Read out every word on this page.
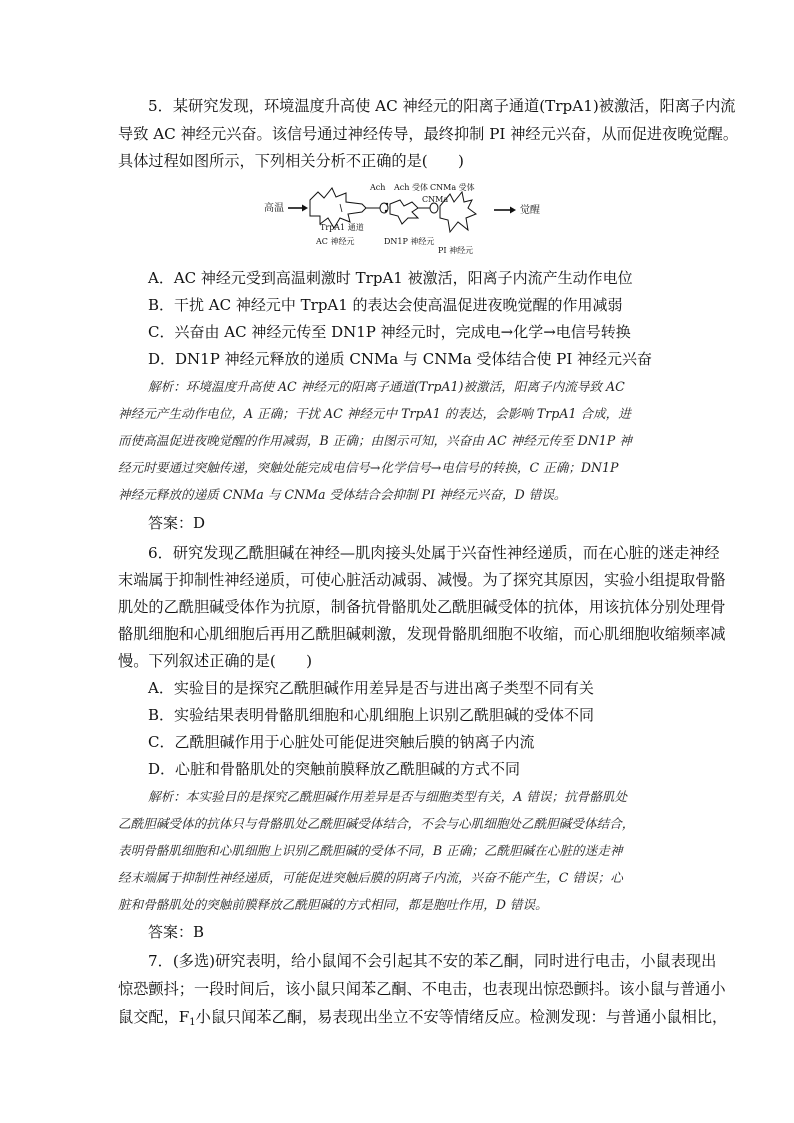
5．某研究发现，环境温度升高使 AC 神经元的阳离子通道(TrpA1)被激活，阳离子内流
导致 AC 神经元兴奋。该信号通过神经传导，最终抑制 PI 神经元兴奋，从而促进夜晚觉醒。
具体过程如图所示，下列相关分析不正确的是(　　)
高温	觉醒
Ach Ach 受体 CNMa 受体
CNMa
TrpA1 通道
AC 神经元	DN1P 神经元
PI 神经元
A．AC 神经元受到高温刺激时 TrpA1 被激活，阳离子内流产生动作电位
B．干扰 AC 神经元中 TrpA1 的表达会使高温促进夜晚觉醒的作用减弱
C．兴奋由 AC 神经元传至 DN1P 神经元时，完成电→化学→电信号转换
D．DN1P 神经元释放的递质 CNMa 与 CNMa 受体结合使 PI 神经元兴奋
解析：环境温度升高使 AC 神经元的阳离子通道(TrpA1)被激活，阳离子内流导致 AC
神经元产生动作电位，A 正确；干扰 AC 神经元中 TrpA1 的表达，会影响 TrpA1 合成，进
而使高温促进夜晚觉醒的作用减弱，B 正确；由图示可知，兴奋由 AC 神经元传至 DN1P 神
经元时要通过突触传递，突触处能完成电信号→化学信号→电信号的转换，C 正确；DN1P
神经元释放的递质 CNMa 与 CNMa 受体结合会抑制 PI 神经元兴奋，D 错误。
答案：D
6．研究发现乙酰胆碱在神经—肌肉接头处属于兴奋性神经递质，而在心脏的迷走神经
末端属于抑制性神经递质，可使心脏活动减弱、减慢。为了探究其原因，实验小组提取骨骼
肌处的乙酰胆碱受体作为抗原，制备抗骨骼肌处乙酰胆碱受体的抗体，用该抗体分别处理骨
骼肌细胞和心肌细胞后再用乙酰胆碱刺激，发现骨骼肌细胞不收缩，而心肌细胞收缩频率减
慢。下列叙述正确的是(　　)
A．实验目的是探究乙酰胆碱作用差异是否与进出离子类型不同有关
B．实验结果表明骨骼肌细胞和心肌细胞上识别乙酰胆碱的受体不同
C．乙酰胆碱作用于心脏处可能促进突触后膜的钠离子内流
D．心脏和骨骼肌处的突触前膜释放乙酰胆碱的方式不同
解析：本实验目的是探究乙酰胆碱作用差异是否与细胞类型有关，A 错误；抗骨骼肌处
乙酰胆碱受体的抗体只与骨骼肌处乙酰胆碱受体结合，不会与心肌细胞处乙酰胆碱受体结合，
表明骨骼肌细胞和心肌细胞上识别乙酰胆碱的受体不同，B 正确；乙酰胆碱在心脏的迷走神
经末端属于抑制性神经递质，可能促进突触后膜的阴离子内流，兴奋不能产生，C 错误；心
脏和骨骼肌处的突触前膜释放乙酰胆碱的方式相同，都是胞吐作用，D 错误。
答案：B
7．(多选)研究表明，给小鼠闻不会引起其不安的苯乙酮，同时进行电击，小鼠表现出
惊恐颤抖；一段时间后，该小鼠只闻苯乙酮、不电击，也表现出惊恐颤抖。该小鼠与普通小
鼠交配，$F_1$小鼠只闻苯乙酮，易表现出坐立不安等情绪反应。检测发现：与普通小鼠相比，
